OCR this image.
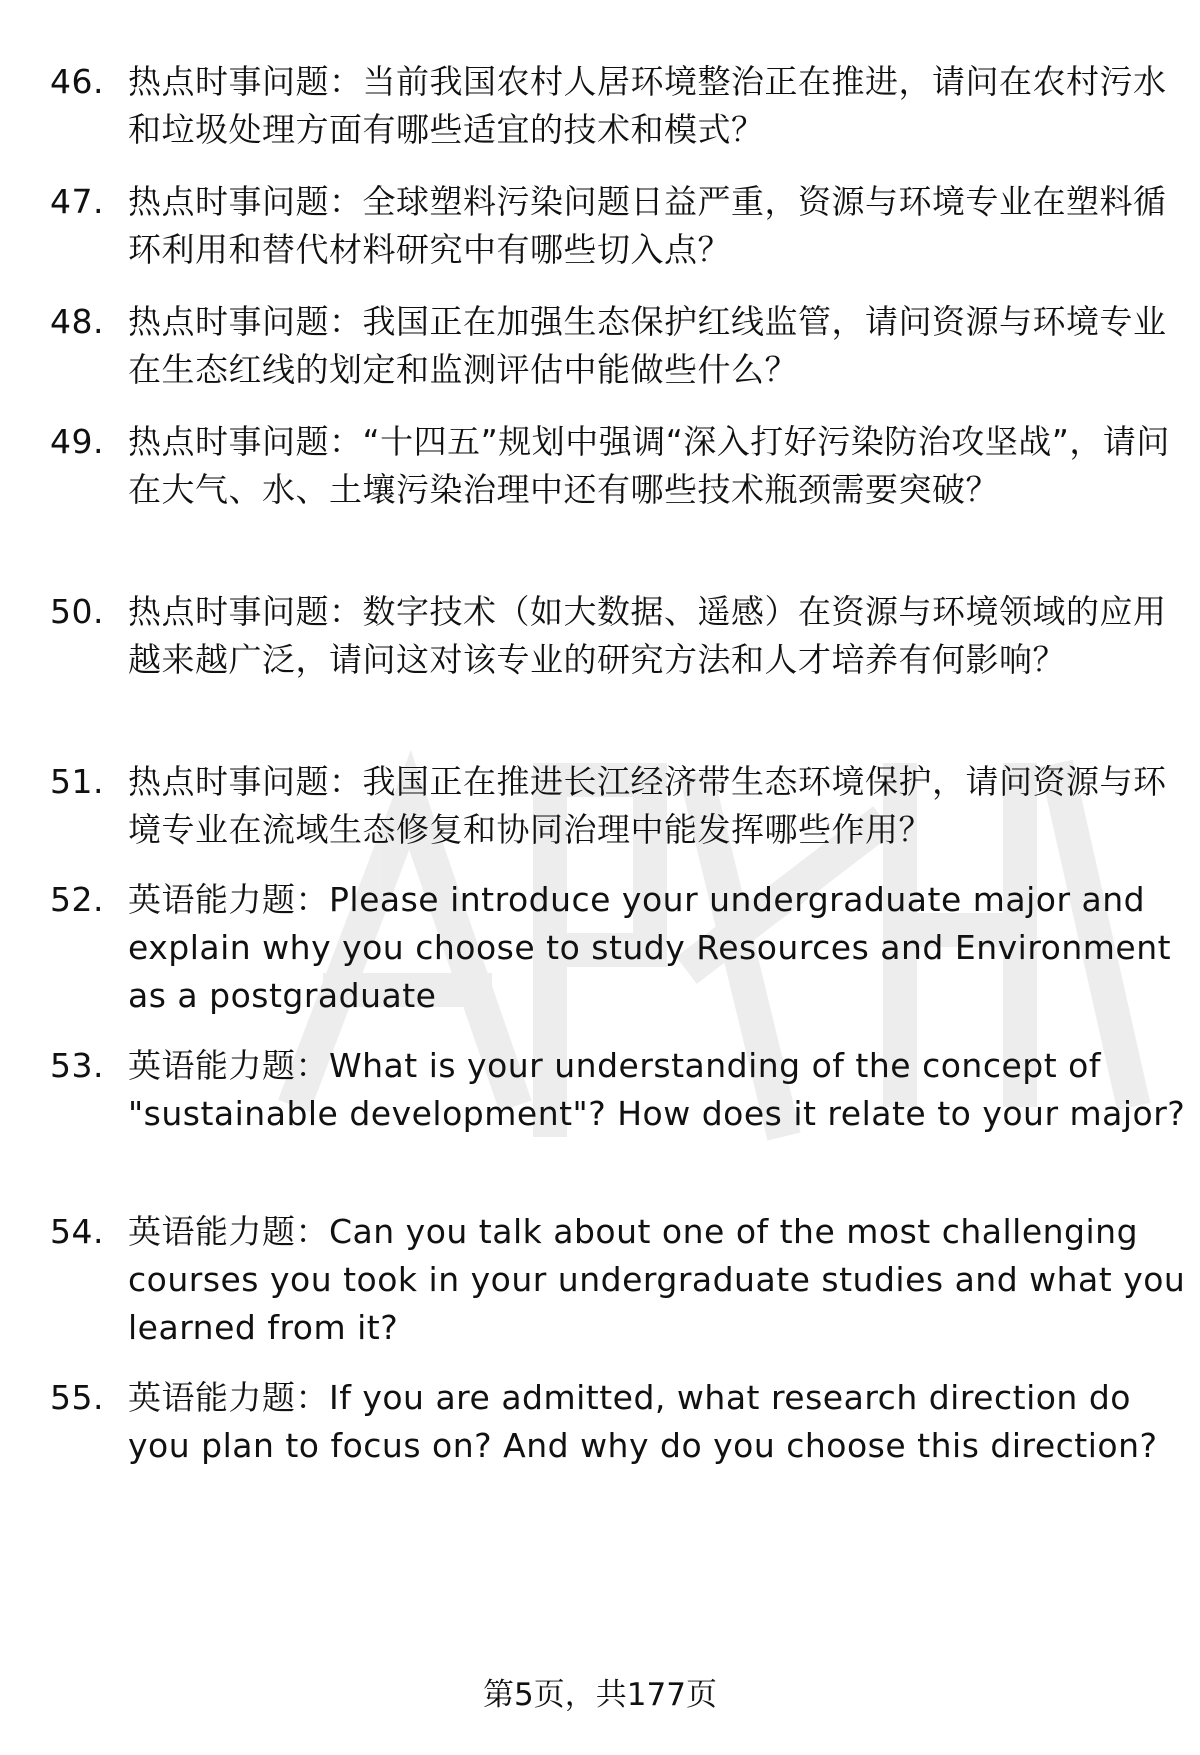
46. 热点时事问题：当前我国农村人居环境整治正在推进，请问在农村污水和垃圾处理方面有哪些适宜的技术和模式？
47. 热点时事问题：全球塑料污染问题日益严重，资源与环境专业在塑料循环利用和替代材料研究中有哪些切入点？
48. 热点时事问题：我国正在加强生态保护红线监管，请问资源与环境专业在生态红线的划定和监测评估中能做些什么？
49. 热点时事问题：“十四五”规划中强调“深入打好污染防治攻坚战”，请问在大气、水、土壤污染治理中还有哪些技术瓶颈需要突破？
50. 热点时事问题：数字技术（如大数据、遥感）在资源与环境领域的应用越来越广泛，请问这对该专业的研究方法和人才培养有何影响？
51. 热点时事问题：我国正在推进长江经济带生态环境保护，请问资源与环境专业在流域生态修复和协同治理中能发挥哪些作用？
52. 英语能力题：Please introduce your undergraduate major and explain why you choose to study Resources and Environment as a postgraduate
53. 英语能力题：What is your understanding of the concept of "sustainable development"? How does it relate to your major?
54. 英语能力题：Can you talk about one of the most challenging courses you took in your undergraduate studies and what you learned from it?
55. 英语能力题：If you are admitted, what research direction do you plan to focus on? And why do you choose this direction?
第5页，共177页
